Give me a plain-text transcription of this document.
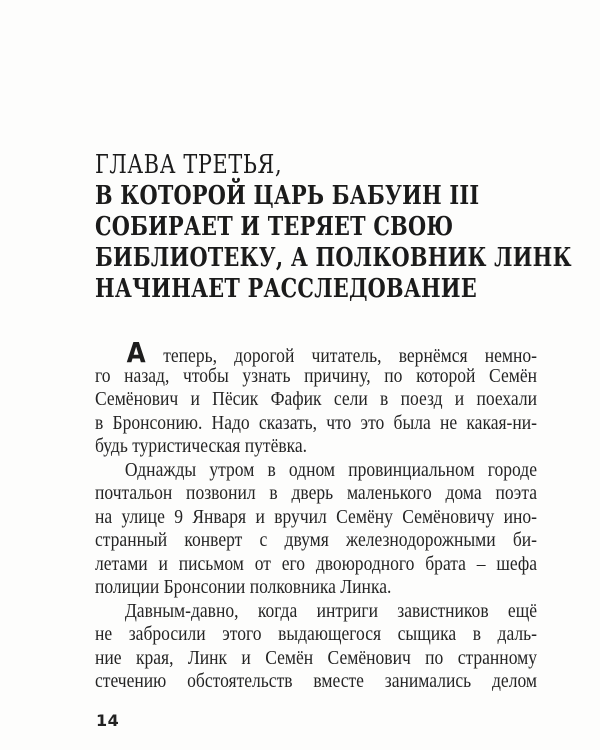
ГЛАВА ТРЕТЬЯ,
В КОТОРОЙ ЦАРЬ БАБУИН III
СОБИРАЕТ И ТЕРЯЕТ СВОЮ
БИБЛИОТЕКУ, А ПОЛКОВНИК ЛИНК
НАЧИНАЕТ РАССЛЕДОВАНИЕ
А теперь, дорогой читатель, вернёмся немно-
го назад, чтобы узнать причину, по которой Семён
Семёнович и Пёсик Фафик сели в поезд и поехали
в Бронсонию. Надо сказать, что это была не какая-ни-
будь туристическая путёвка.
Однажды утром в одном провинциальном городе
почтальон позвонил в дверь маленького дома поэта
на улице 9 Января и вручил Семёну Семёновичу ино-
странный конверт с двумя железнодорожными би-
летами и письмом от его двоюродного брата – шефа
полиции Бронсонии полковника Линка.
Давным-давно, когда интриги завистников ещё
не забросили этого выдающегося сыщика в даль-
ние края, Линк и Семён Семёнович по странному
стечению обстоятельств вместе занимались делом
14
